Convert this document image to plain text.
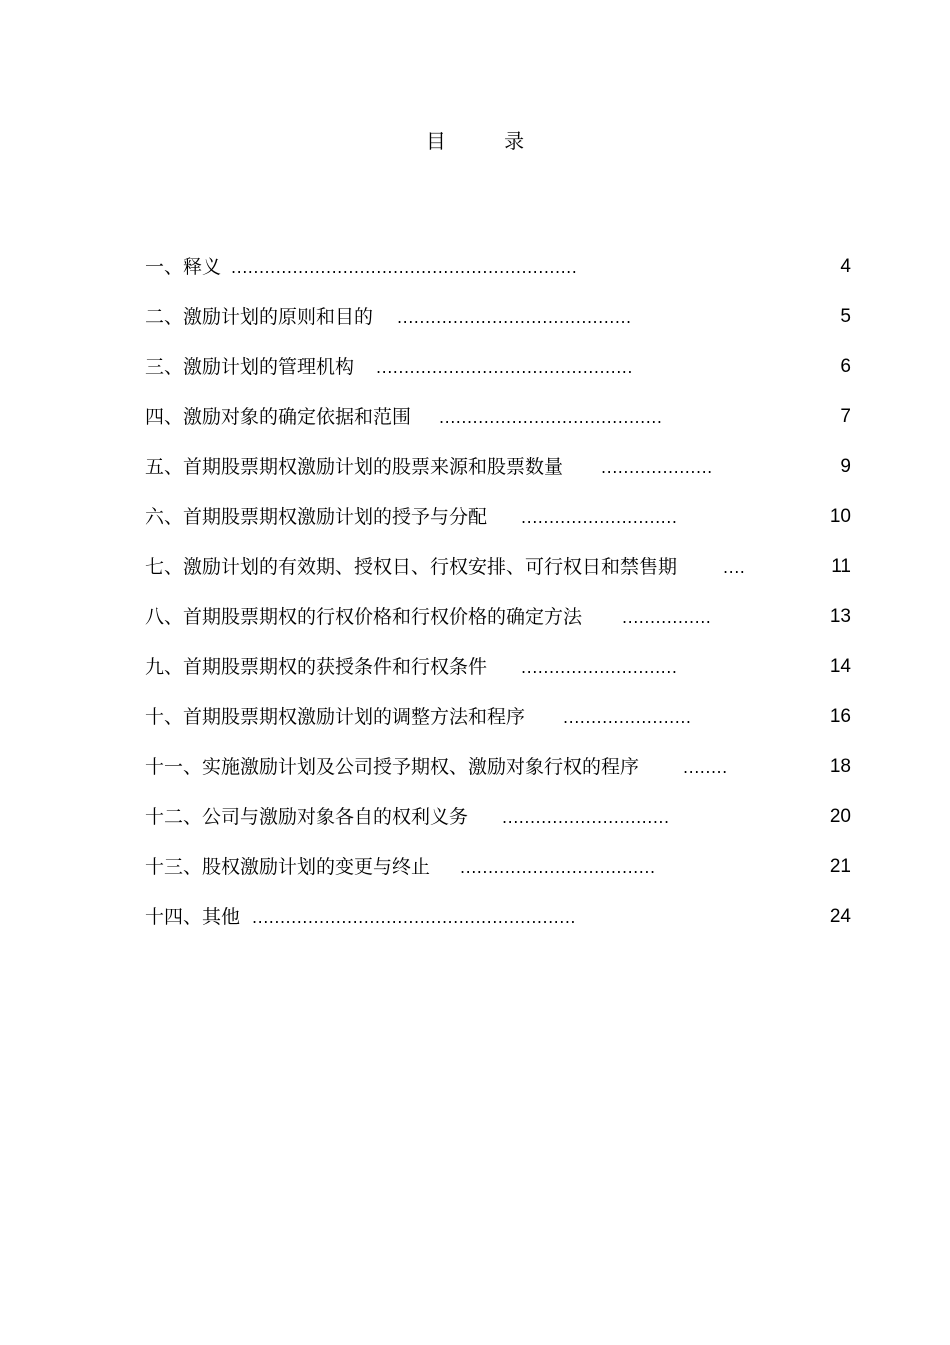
目 录
一、释义 ..............................................................	4
二、激励计划的原则和目的 ..........................................	5
三、激励计划的管理机构 ..............................................	6
四、激励对象的确定依据和范围 ........................................	7
五、首期股票期权激励计划的股票来源和股票数量 ....................	9
六、首期股票期权激励计划的授予与分配 ............................	10
七、激励计划的有效期、授权日、行权安排、可行权日和禁售期	....	11
八、首期股票期权的行权价格和行权价格的确定方法	................	13
九、首期股票期权的获授条件和行权条件 ............................	14
十、首期股票期权激励计划的调整方法和程序 .......................	16
十一、实施激励计划及公司授予期权、激励对象行权的程序	........	18
十二、公司与激励对象各自的权利义务 ..............................	20
十三、股权激励计划的变更与终止 ...................................	21
十四、其他 ..........................................................	24
